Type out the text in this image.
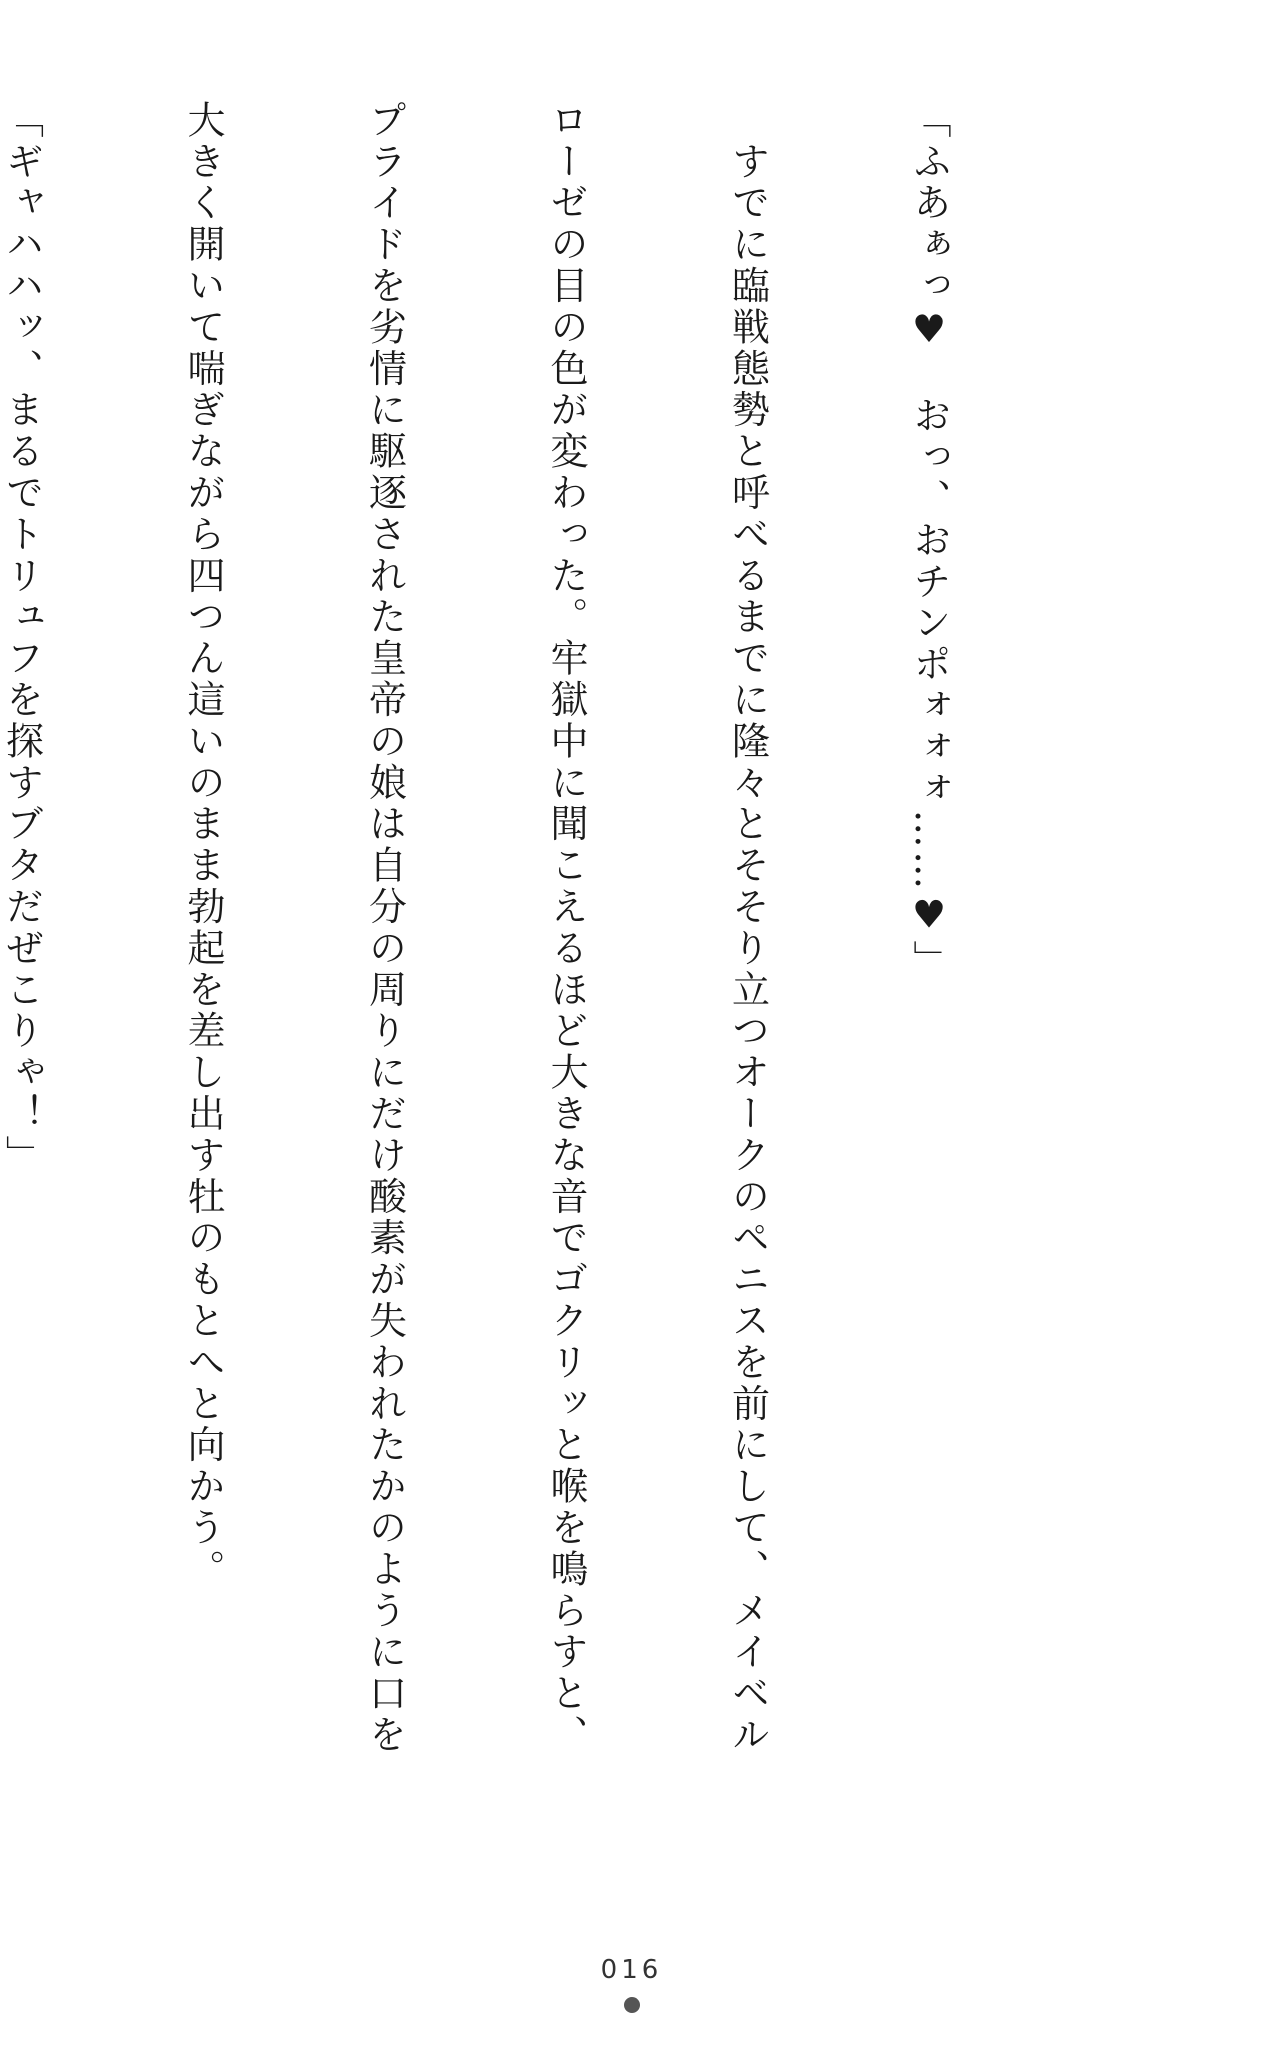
「ふあぁっ♥　おっ、おチンポォォォ……♥」

　すでに臨戦態勢と呼べるまでに隆々とそそり立つオークのペニスを前にして、メイベル

ローゼの目の色が変わった。牢獄中に聞こえるほど大きな音でゴクリッと喉を鳴らすと、

プライドを劣情に駆逐された皇帝の娘は自分の周りにだけ酸素が失われたかのように口を

大きく開いて喘ぎながら四つん這いのまま勃起を差し出す牡のもとへと向かう。

「ギャハハッ、まるでトリュフを探すブタだぜこりゃ！」

016
